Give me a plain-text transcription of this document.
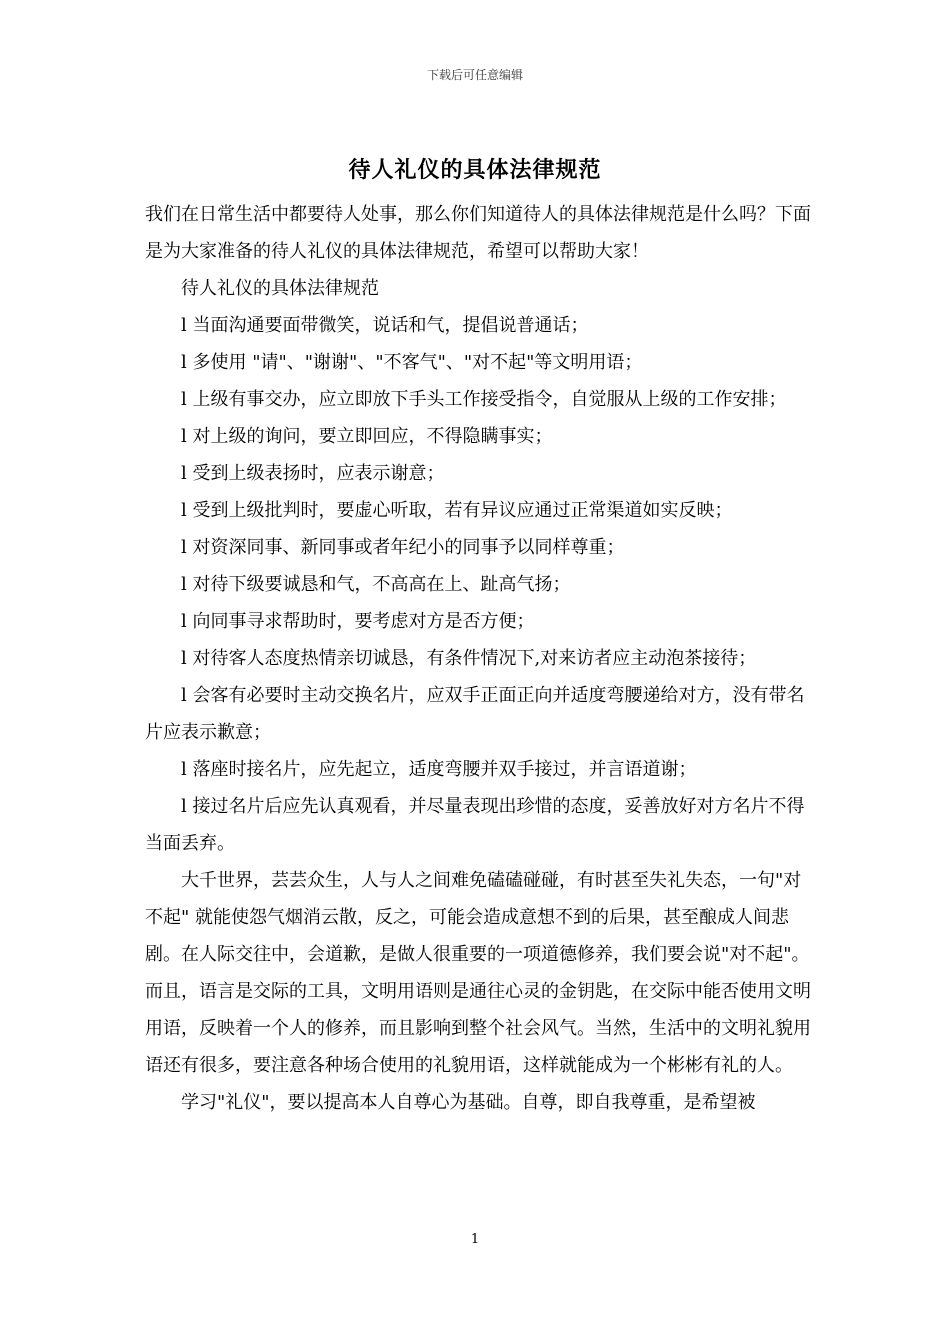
下载后可任意编辑
待人礼仪的具体法律规范

我们在日常生活中都要待人处事，那么你们知道待人的具体法律规范是什么吗？下面是为大家准备的待人礼仪的具体法律规范，希望可以帮助大家！

待人礼仪的具体法律规范

l 当面沟通要面带微笑，说话和气，提倡说普通话；

l 多使用 "请"、"谢谢"、"不客气"、"对不起"等文明用语；

l 上级有事交办，应立即放下手头工作接受指令，自觉服从上级的工作安排；

l 对上级的询问，要立即回应，不得隐瞒事实；

l 受到上级表扬时，应表示谢意；

l 受到上级批判时，要虚心听取，若有异议应通过正常渠道如实反映；

l 对资深同事、新同事或者年纪小的同事予以同样尊重；

l 对待下级要诚恳和气，不高高在上、趾高气扬；

l 向同事寻求帮助时，要考虑对方是否方便；

l 对待客人态度热情亲切诚恳，有条件情况下,对来访者应主动泡茶接待；

l 会客有必要时主动交换名片，应双手正面正向并适度弯腰递给对方，没有带名片应表示歉意；

l 落座时接名片，应先起立，适度弯腰并双手接过，并言语道谢；

l 接过名片后应先认真观看，并尽量表现出珍惜的态度，妥善放好对方名片不得当面丢弃。

大千世界，芸芸众生，人与人之间难免磕磕碰碰，有时甚至失礼失态，一句"对不起" 就能使怨气烟消云散，反之，可能会造成意想不到的后果，甚至酿成人间悲剧。在人际交往中，会道歉，是做人很重要的一项道德修养，我们要会说"对不起"。而且，语言是交际的工具，文明用语则是通往心灵的金钥匙，在交际中能否使用文明用语，反映着一个人的修养，而且影响到整个社会风气。当然，生活中的文明礼貌用语还有很多，要注意各种场合使用的礼貌用语，这样就能成为一个彬彬有礼的人。

学习"礼仪"，要以提高本人自尊心为基础。自尊，即自我尊重，是希望被

1
